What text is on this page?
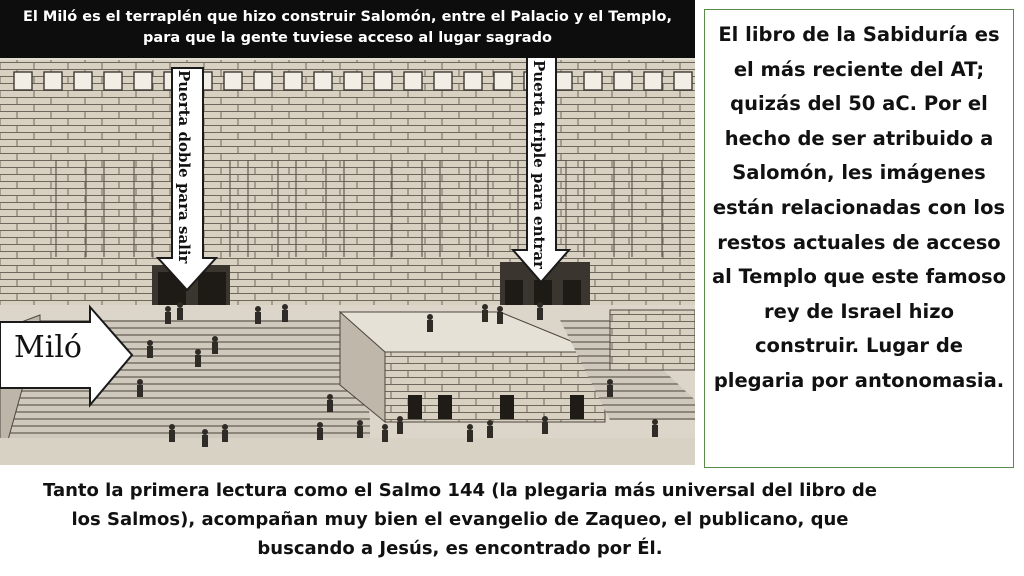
El Miló es el terraplén que hizo construir Salomón, entre el Palacio y el Templo,
para que la gente tuviese acceso al lugar sagrado
Puerta doble para salir	Puerta triple para entrar
Miló

El libro de la Sabiduría es el más reciente del AT; quizás del 50 aC. Por el hecho de ser atribuido a Salomón, les imágenes están relacionadas con los restos actuales de acceso al Templo que este famoso rey de Israel hizo construir. Lugar de plegaria por antonomasia.

Tanto la primera lectura como el Salmo 144 (la plegaria más universal del libro de los Salmos), acompañan muy bien el evangelio de Zaqueo, el publicano, que buscando a Jesús, es encontrado por Él.
